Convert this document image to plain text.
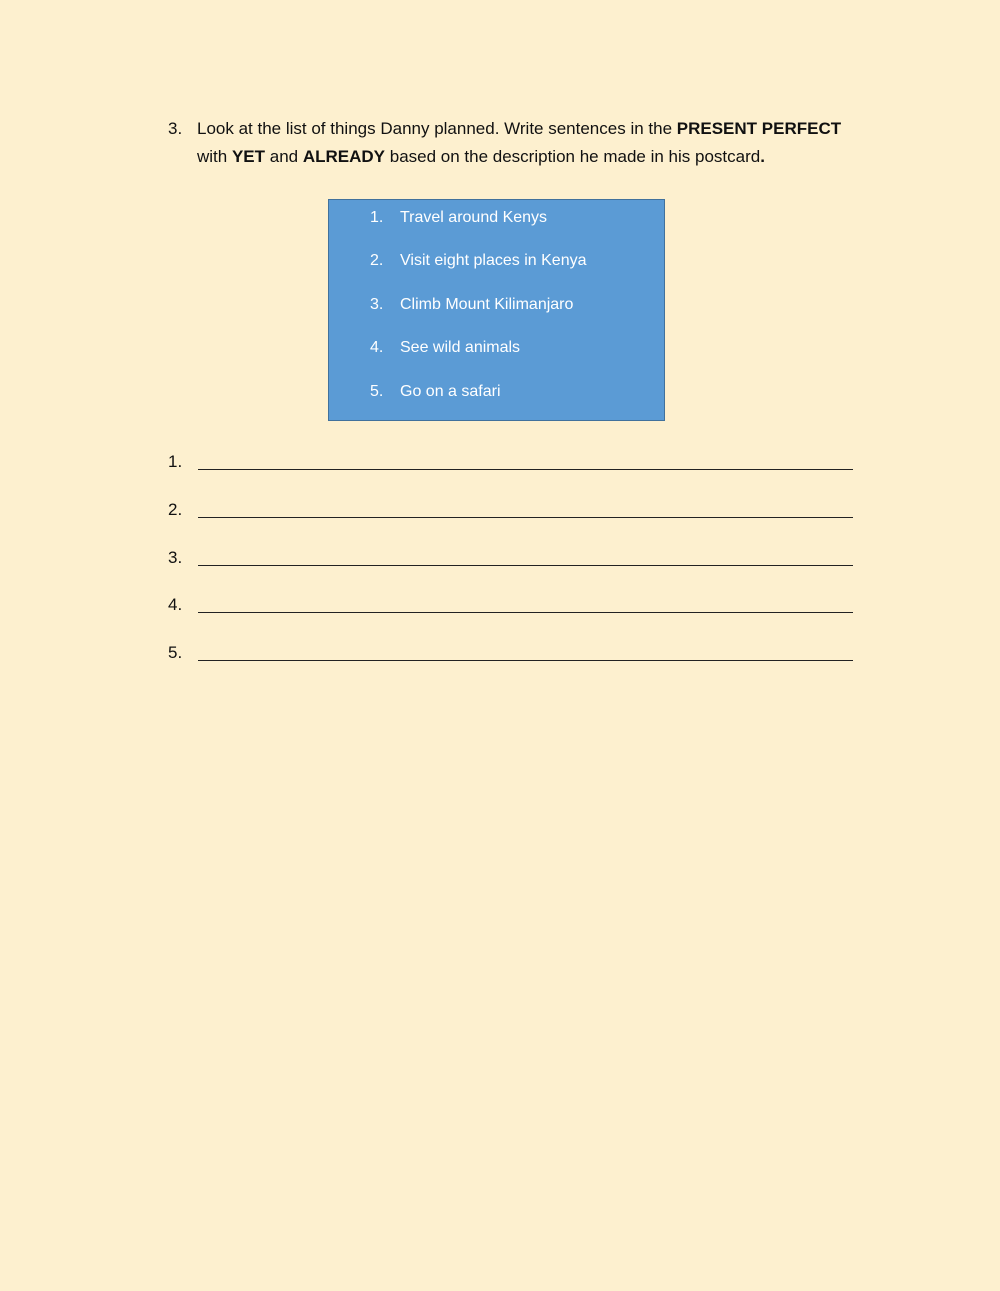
3. Look at the list of things Danny planned. Write sentences in the PRESENT PERFECT with YET and ALREADY based on the description he made in his postcard.
1. Travel around Kenys
2. Visit eight places in Kenya
3. Climb Mount Kilimanjaro
4. See wild animals
5. Go on a safari
1.
2.
3.
4.
5.
